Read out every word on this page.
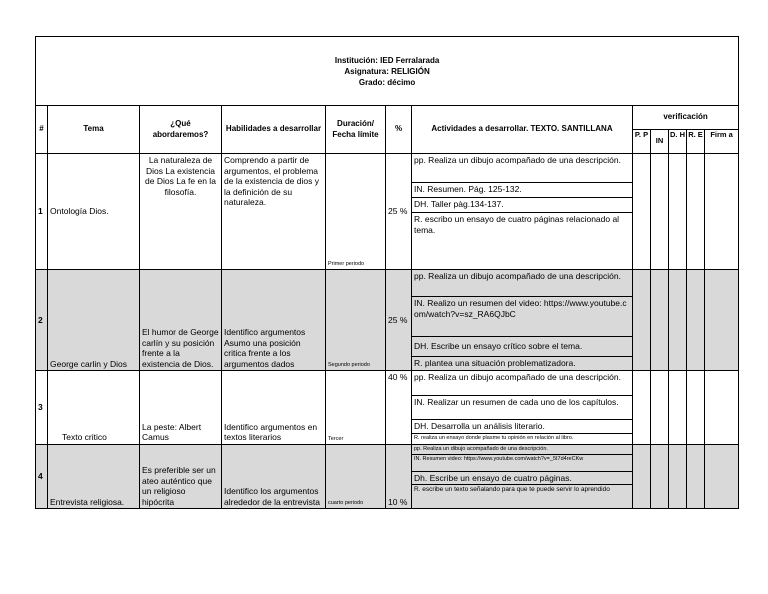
Institución: IED Ferralarada
Asignatura: RELIGIÓN
Grado: décimo											

#	Tema	¿Qué abordaremos?	Habilidades a desarrollar	Duración/ Fecha límite	%	Actividades a desarrollar. TEXTO. SANTILLANA	verificación				
							P. P	IN	D. H	R. E	Firm a
1	Ontología Dios.	La naturaleza de Dios La existencia de Dios La fe en la filosofía.	Comprendo a partir de argumentos, el problema de la existencia de dios y la definición de su naturaleza.	Primer periodo	25 %	pp. Realiza un dibujo acompañado de una descripción.					
						IN. Resumen. Pág. 125-132.					
						DH. Taller pàg.134-137.					
						R. escribo un ensayo de cuatro páginas relacionado al tema.					
2	George carlin y Dios	El humor de George carlín y su posición frente a la existencia de Dios.	Identifico argumentos Asumo una posición critica frente a los argumentos dados	Segundo periodo	25 %	pp. Realiza un dibujo acompañado de una descripción.					
						IN. Realizo un resumen del video: https://www.youtube.com/watch?v=sz_RA6QJbC					
						DH. Escribe un ensayo crítico sobre el tema.					
						R. plantea una situación problematizadora.					
3	Texto critico	La peste: Albert Camus	Identifico argumentos en textos literarios	Tercer	40 %	pp. Realiza un dibujo acompañado de una descripción.					
						IN. Realizar un resumen de cada uno de los capítulos.					
						DH. Desarrolla un análisis literario.					
						R. realiza un ensayo donde plasme tu opinión en relación al libro.					
4	Entrevista religiosa.	Es preferible ser un ateo auténtico que un religioso hipócrita	Identifico los argumentos alrededor de la entrevista	cuarto periodo	10 %	pp. Realiza un dibujo acompañado de una descripción.					
						IN. Resumen video: https://www.youtube.com/watch?v=_5I7d4reCKw					
						Dh. Escribe un ensayo de cuatro páginas.					
						R. escribe un texto señalando para que te puede servir lo aprendido					
